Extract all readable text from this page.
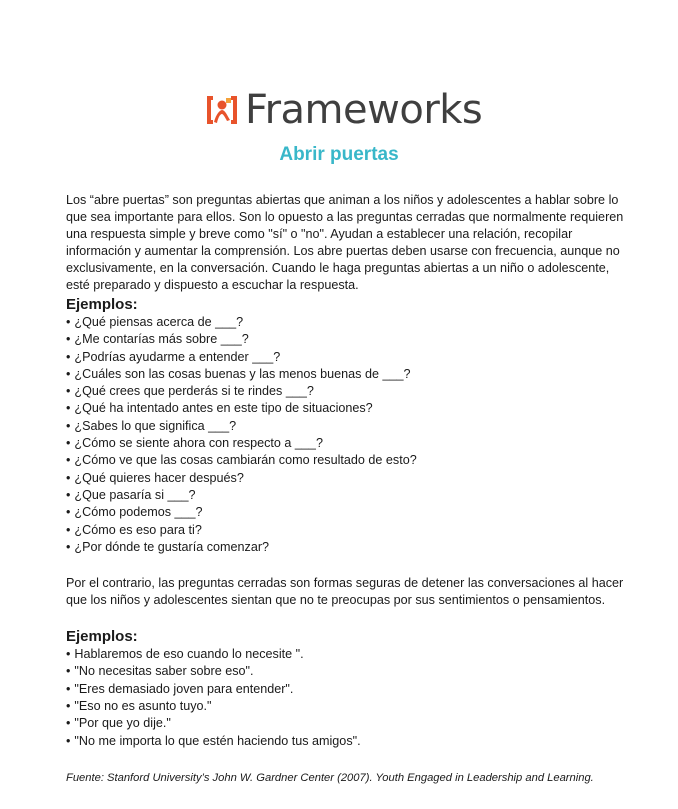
Frameworks
Abrir puertas

Los “abre puertas” son preguntas abiertas que animan a los niños y adolescentes a hablar sobre lo que sea importante para ellos. Son lo opuesto a las preguntas cerradas que normalmente requieren una respuesta simple y breve como "sí" o "no". Ayudan a establecer una relación, recopilar información y aumentar la comprensión. Los abre puertas deben usarse con frecuencia, aunque no exclusivamente, en la conversación. Cuando le haga preguntas abiertas a un niño o adolescente, esté preparado y dispuesto a escuchar la respuesta.

Ejemplos:
• ¿Qué piensas acerca de ___?
• ¿Me contarías más sobre ___?
• ¿Podrías ayudarme a entender ___?
• ¿Cuáles son las cosas buenas y las menos buenas de ___?
• ¿Qué crees que perderás si te rindes ___?
• ¿Qué ha intentado antes en este tipo de situaciones?
• ¿Sabes lo que significa ___?
• ¿Cómo se siente ahora con respecto a ___?
• ¿Cómo ve que las cosas cambiarán como resultado de esto?
• ¿Qué quieres hacer después?
• ¿Que pasaría si ___?
• ¿Cómo podemos ___?
• ¿Cómo es eso para ti?
• ¿Por dónde te gustaría comenzar?

Por el contrario, las preguntas cerradas son formas seguras de detener las conversaciones al hacer que los niños y adolescentes sientan que no te preocupas por sus sentimientos o pensamientos.

Ejemplos:
• Hablaremos de eso cuando lo necesite ".
• "No necesitas saber sobre eso".
• "Eres demasiado joven para entender".
• "Eso no es asunto tuyo."
• "Por que yo dije."
• "No me importa lo que estén haciendo tus amigos".
Fuente: Stanford University’s John W. Gardner Center (2007). Youth Engaged in Leadership and Learning.
